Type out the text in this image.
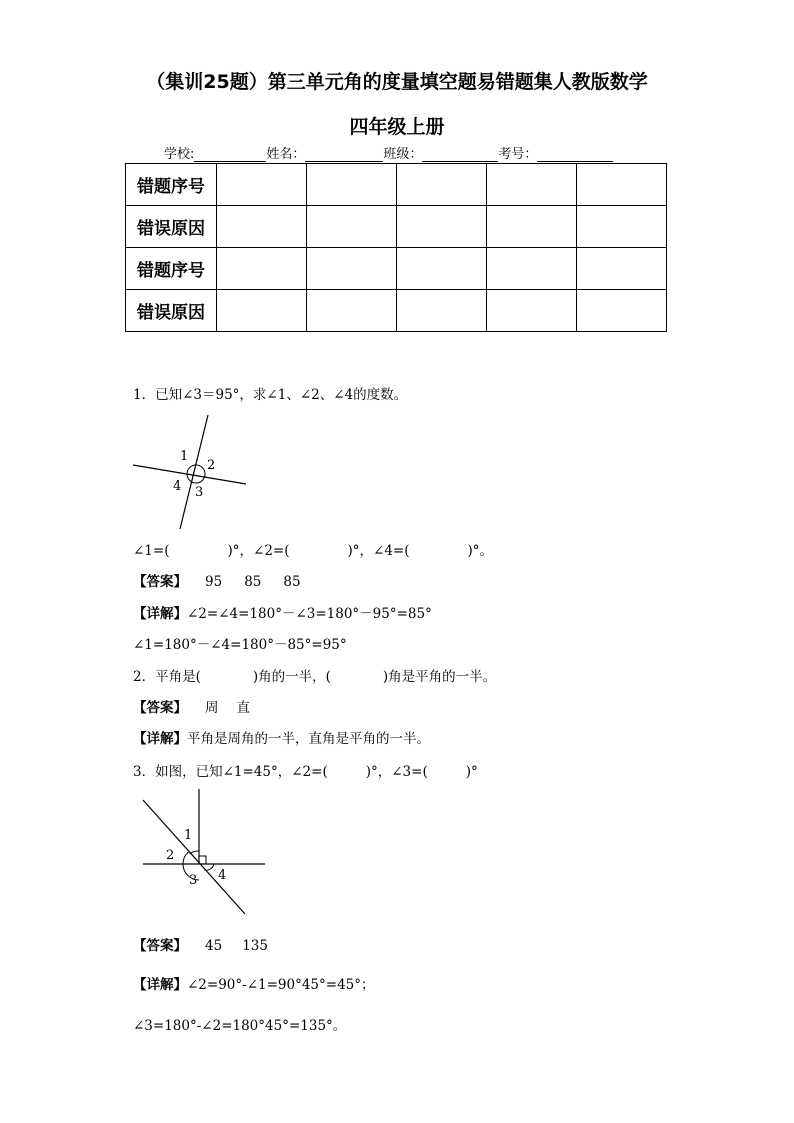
（集训25题）第三单元角的度量填空题易错题集人教版数学
四年级上册
学校:	姓名：	班级：	考号：
错题序号					
错误原因					
错题序号					
错误原因					
1．已知∠3＝95°，求∠1、∠2、∠4的度数。
1
2
3
4
∠1=(	)°，∠2=(	)°，∠4=(	)°。
【答案】 95 85 85
【详解】∠2=∠4=180°－∠3=180°－95°=85°
∠1=180°－∠4=180°－85°=95°
2．平角是(	)角的一半，(	)角是平角的一半。
【答案】 周 直
【详解】平角是周角的一半，直角是平角的一半。
3．如图，已知∠1=45°，∠2=(	)°，∠3=(	)°
1
2
3 4
【答案】 45 135
【详解】∠2=90°-∠1=90°45°=45°；
∠3=180°-∠2=180°45°=135°。
